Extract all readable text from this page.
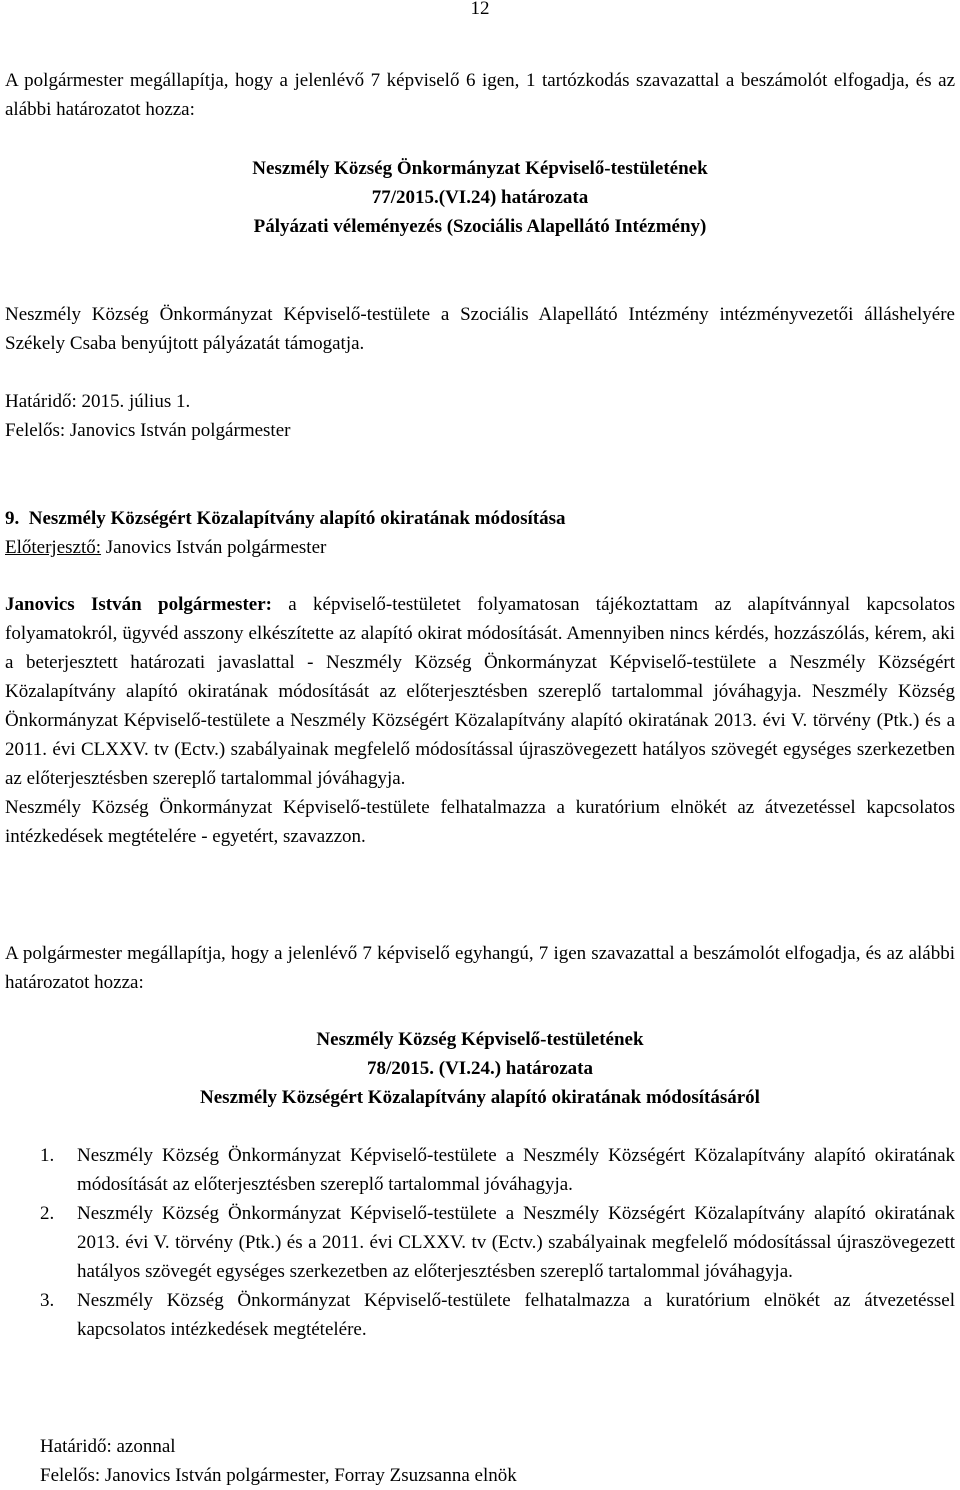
12
A polgármester megállapítja, hogy a jelenlévő 7 képviselő 6 igen, 1 tartózkodás szavazattal a beszámolót elfogadja, és az alábbi határozatot hozza:
Neszmély Község Önkormányzat Képviselő-testületének
77/2015.(VI.24) határozata
Pályázati véleményezés (Szociális Alapellátó Intézmény)
Neszmély Község Önkormányzat Képviselő-testülete a Szociális Alapellátó Intézmény intézményvezetői álláshelyére Székely Csaba benyújtott pályázatát támogatja.
Határidő: 2015. július 1.
Felelős: Janovics István polgármester
9. Neszmély Községért Közalapítvány alapító okiratának módosítása
Előterjesztő: Janovics István polgármester
Janovics István polgármester: a képviselő-testületet folyamatosan tájékoztattam az alapítvánnyal kapcsolatos folyamatokról, ügyvéd asszony elkészítette az alapító okirat módosítását. Amennyiben nincs kérdés, hozzászólás, kérem, aki a beterjesztett határozati javaslattal - Neszmély Község Önkormányzat Képviselő-testülete a Neszmély Községért Közalapítvány alapító okiratának módosítását az előterjesztésben szereplő tartalommal jóváhagyja. Neszmély Község Önkormányzat Képviselő-testülete a Neszmély Községért Közalapítvány alapító okiratának 2013. évi V. törvény (Ptk.) és a 2011. évi CLXXV. tv (Ectv.) szabályainak megfelelő módosítással újraszövegezett hatályos szövegét egységes szerkezetben az előterjesztésben szereplő tartalommal jóváhagyja.
Neszmély Község Önkormányzat Képviselő-testülete felhatalmazza a kuratórium elnökét az átvezetéssel kapcsolatos intézkedések megtételére - egyetért, szavazzon.
A polgármester megállapítja, hogy a jelenlévő 7 képviselő egyhangú, 7 igen szavazattal a beszámolót elfogadja, és az alábbi határozatot hozza:
Neszmély Község Képviselő-testületének
78/2015. (VI.24.) határozata
Neszmély Községért Közalapítvány alapító okiratának módosításáról
1. Neszmély Község Önkormányzat Képviselő-testülete a Neszmély Községért Közalapítvány alapító okiratának módosítását az előterjesztésben szereplő tartalommal jóváhagyja.
2. Neszmély Község Önkormányzat Képviselő-testülete a Neszmély Községért Közalapítvány alapító okiratának 2013. évi V. törvény (Ptk.) és a 2011. évi CLXXV. tv (Ectv.) szabályainak megfelelő módosítással újraszövegezett hatályos szövegét egységes szerkezetben az előterjesztésben szereplő tartalommal jóváhagyja.
3. Neszmély Község Önkormányzat Képviselő-testülete felhatalmazza a kuratórium elnökét az átvezetéssel kapcsolatos intézkedések megtételére.
Határidő: azonnal
Felelős: Janovics István polgármester, Forray Zsuzsanna elnök
